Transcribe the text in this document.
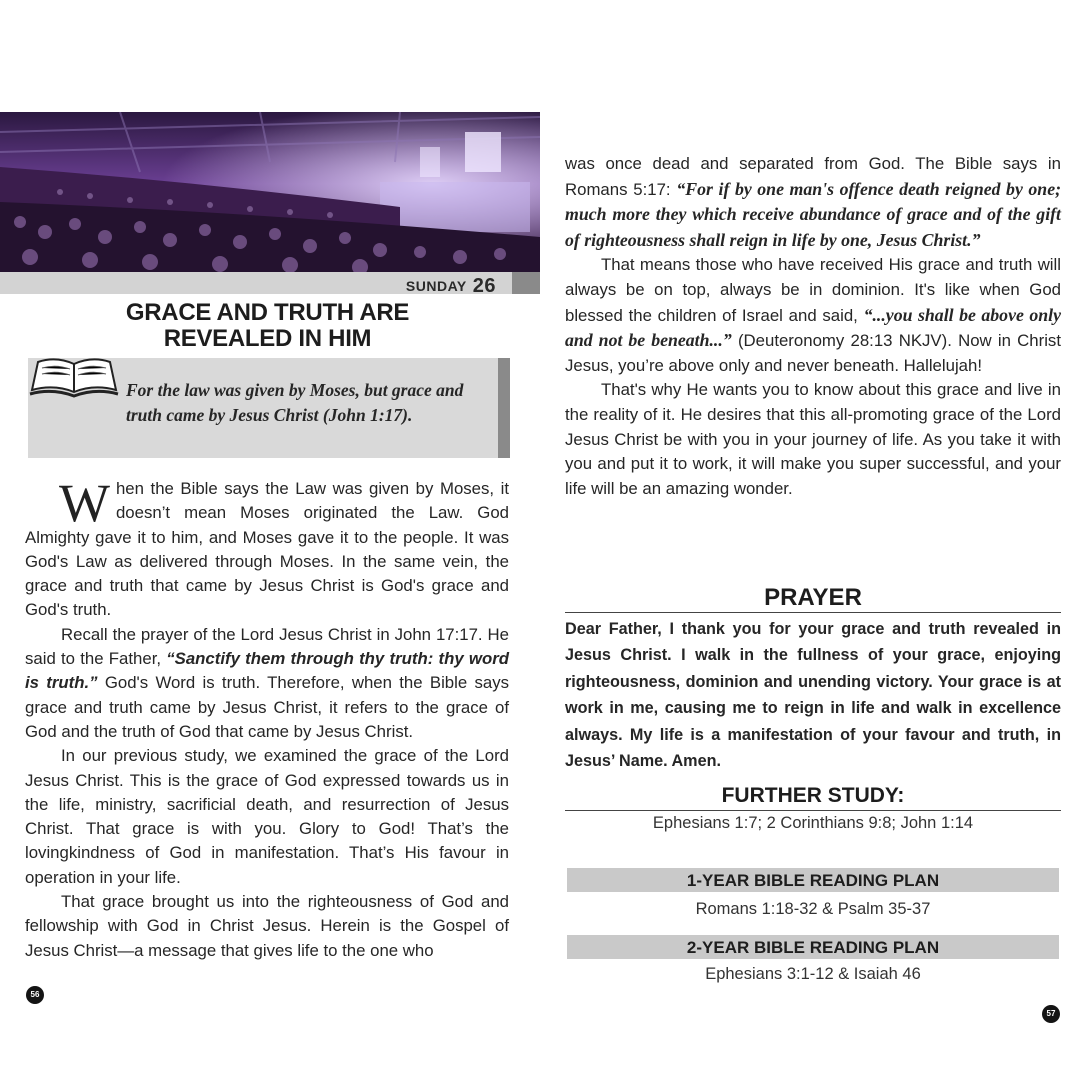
SUNDAY 26
GRACE AND TRUTH ARE
REVEALED IN HIM
For the law was given by Moses, but grace and truth came by Jesus Christ (John 1:17).

When the Bible says the Law was given by Moses, it doesn’t mean Moses originated the Law. God Almighty gave it to him, and Moses gave it to the people. It was God's Law as delivered through Moses. In the same vein, the grace and truth that came by Jesus Christ is God's grace and God's truth.

Recall the prayer of the Lord Jesus Christ in John 17:17. He said to the Father, “Sanctify them through thy truth: thy word is truth.” God's Word is truth. Therefore, when the Bible says grace and truth came by Jesus Christ, it refers to the grace of God and the truth of God that came by Jesus Christ.

In our previous study, we examined the grace of the Lord Jesus Christ. This is the grace of God expressed towards us in the life, ministry, sacrificial death, and resurrection of Jesus Christ. That grace is with you. Glory to God! That’s the lovingkindness of God in manifestation. That’s His favour in operation in your life.

That grace brought us into the righteousness of God and fellowship with God in Christ Jesus. Herein is the Gospel of Jesus Christ—a message that gives life to the one who

56

was once dead and separated from God. The Bible says in Romans 5:17: “For if by one man's offence death reigned by one; much more they which receive abundance of grace and of the gift of righteousness shall reign in life by one, Jesus Christ.”

That means those who have received His grace and truth will always be on top, always be in dominion. It's like when God blessed the children of Israel and said, “...you shall be above only and not be beneath...” (Deuteronomy 28:13 NKJV). Now in Christ Jesus, you’re above only and never beneath. Hallelujah!

That's why He wants you to know about this grace and live in the reality of it. He desires that this all-promoting grace of the Lord Jesus Christ be with you in your journey of life. As you take it with you and put it to work, it will make you super successful, and your life will be an amazing wonder.

PRAYER
Dear Father, I thank you for your grace and truth revealed in Jesus Christ. I walk in the fullness of your grace, enjoying righteousness, dominion and unending victory. Your grace is at work in me, causing me to reign in life and walk in excellence always. My life is a manifestation of your favour and truth, in Jesus’ Name. Amen.
FURTHER STUDY:
Ephesians 1:7; 2 Corinthians 9:8; John 1:14
1-YEAR BIBLE READING PLAN
Romans 1:18-32 & Psalm 35-37
2-YEAR BIBLE READING PLAN
Ephesians 3:1-12 & Isaiah 46
57
